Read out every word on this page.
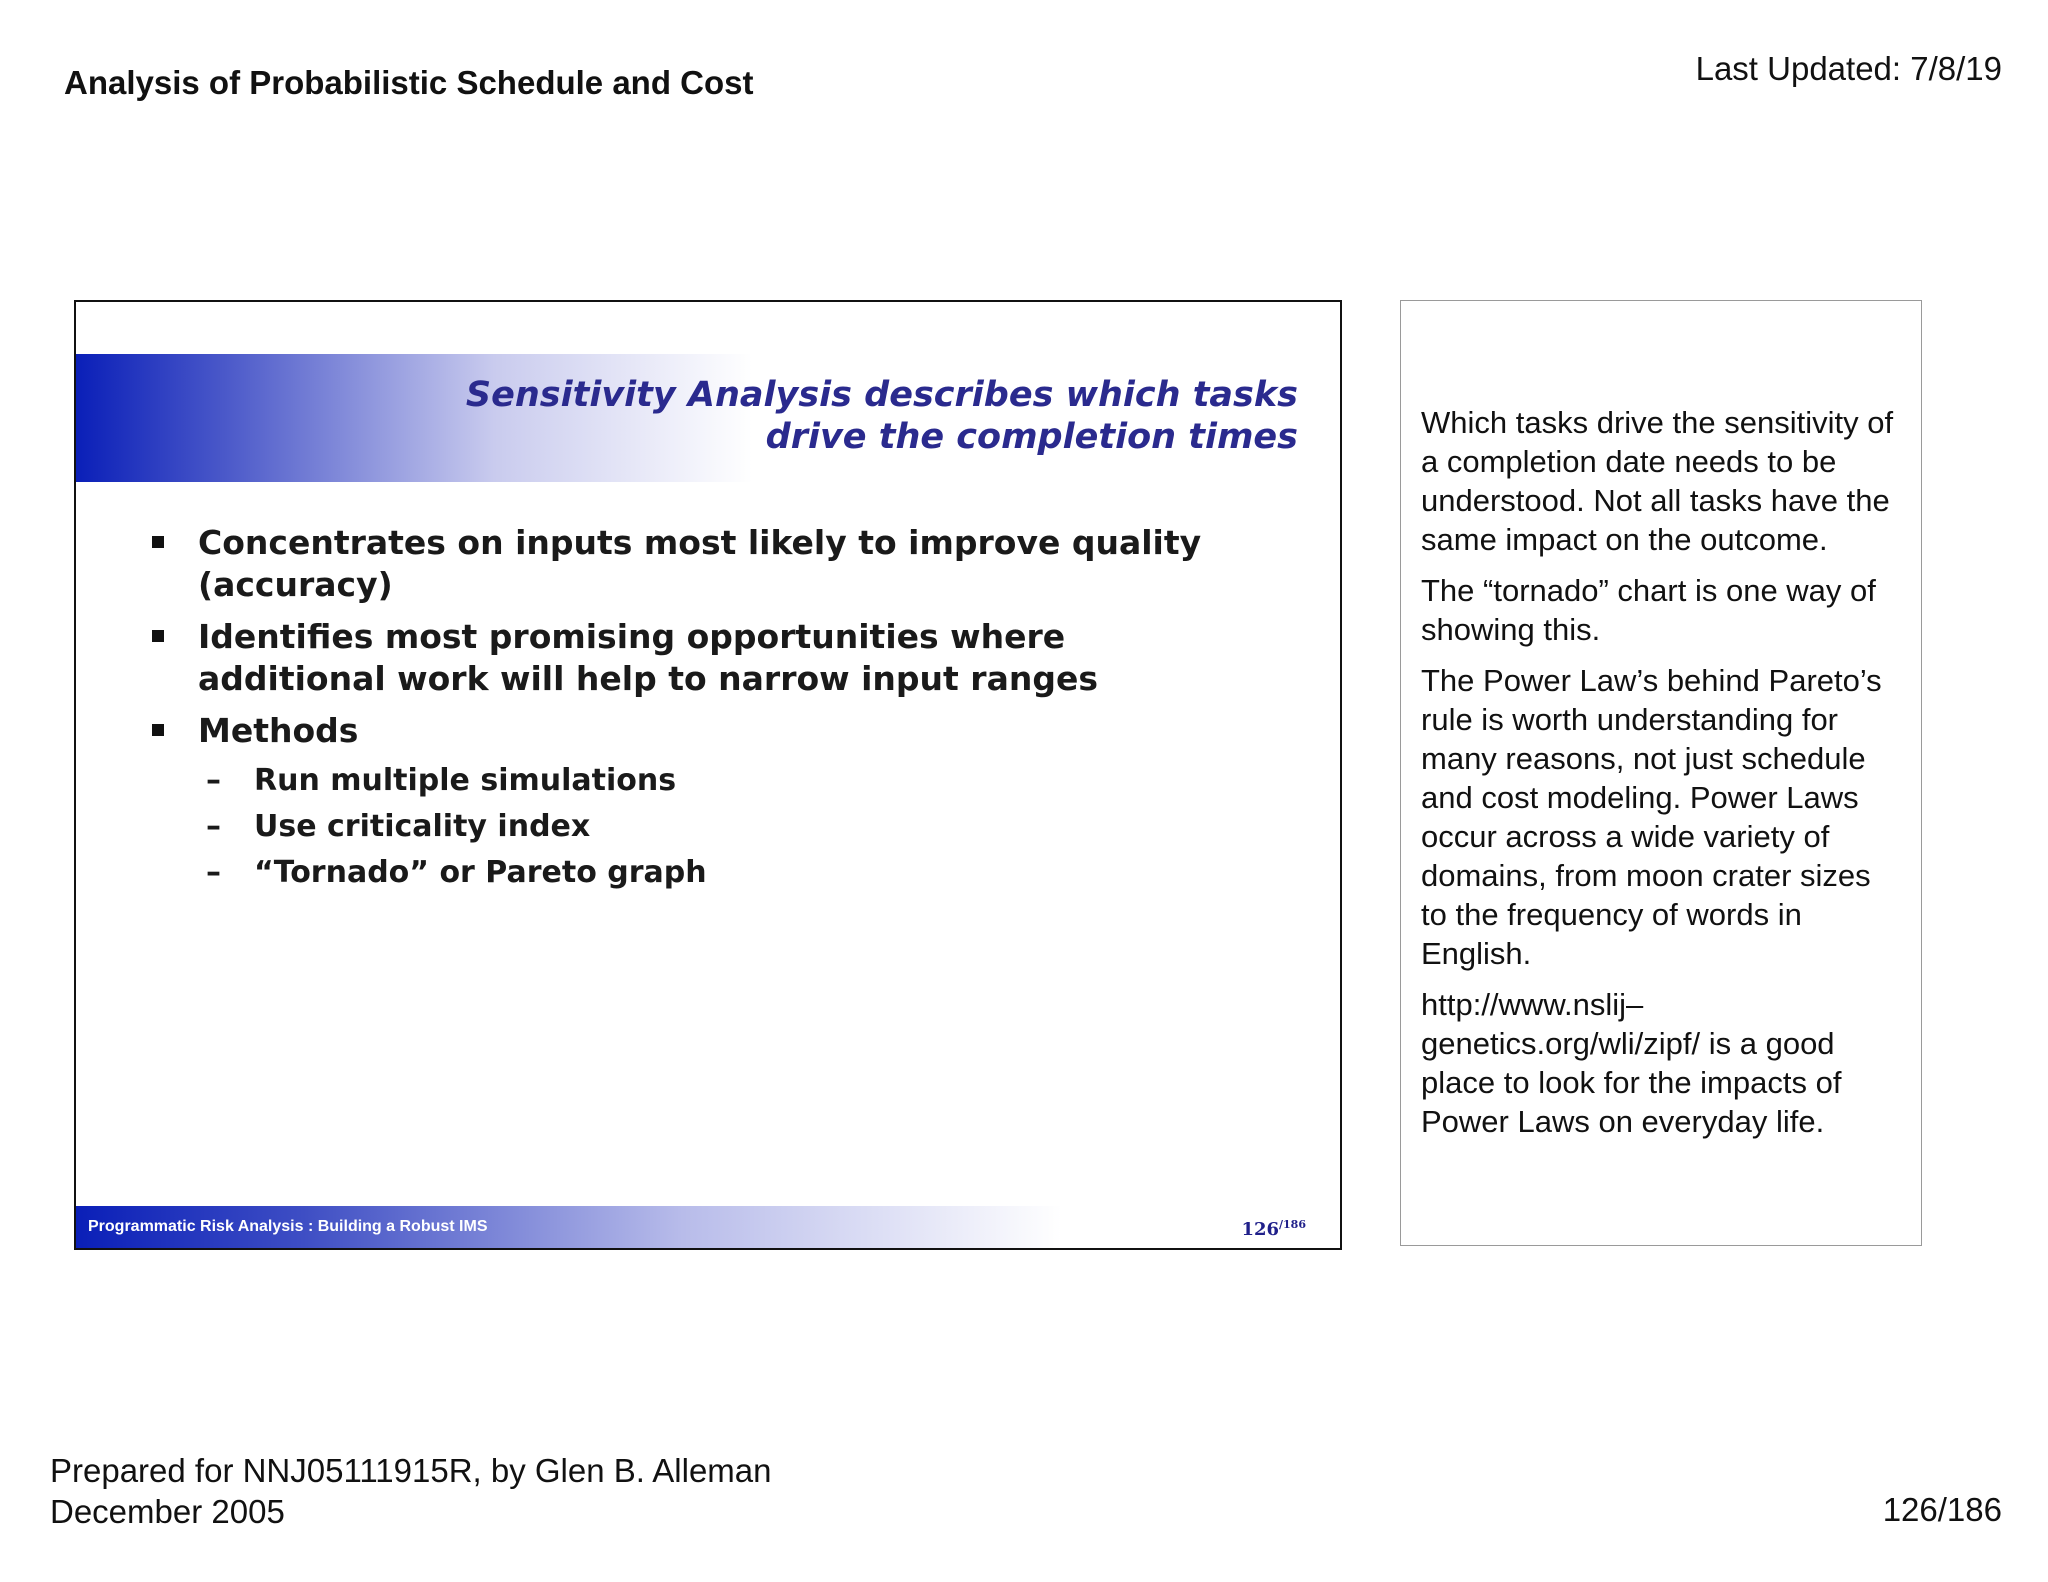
Analysis of Probabilistic Schedule and Cost	Last Updated: 7/8/19
Sensitivity Analysis describes which tasks
drive the completion times
Concentrates on inputs most likely to improve quality (accuracy)
Identifies most promising opportunities where additional work will help to narrow input ranges
Methods
– Run multiple simulations
– Use criticality index
– “Tornado” or Pareto graph
Programmatic Risk Analysis : Building a Robust IMS	$126^{/186}$

Which tasks drive the sensitivity of a completion date needs to be understood. Not all tasks have the same impact on the outcome.

The “tornado” chart is one way of showing this.

The Power Law’s behind Pareto’s rule is worth understanding for many reasons, not just schedule and cost modeling. Power Laws occur across a wide variety of domains, from moon crater sizes to the frequency of words in English.

http://www.nslij–genetics.org/wli/zipf/ is a good place to look for the impacts of Power Laws on everyday life.

Prepared for NNJ05111915R, by Glen B. Alleman
December 2005	126/186
